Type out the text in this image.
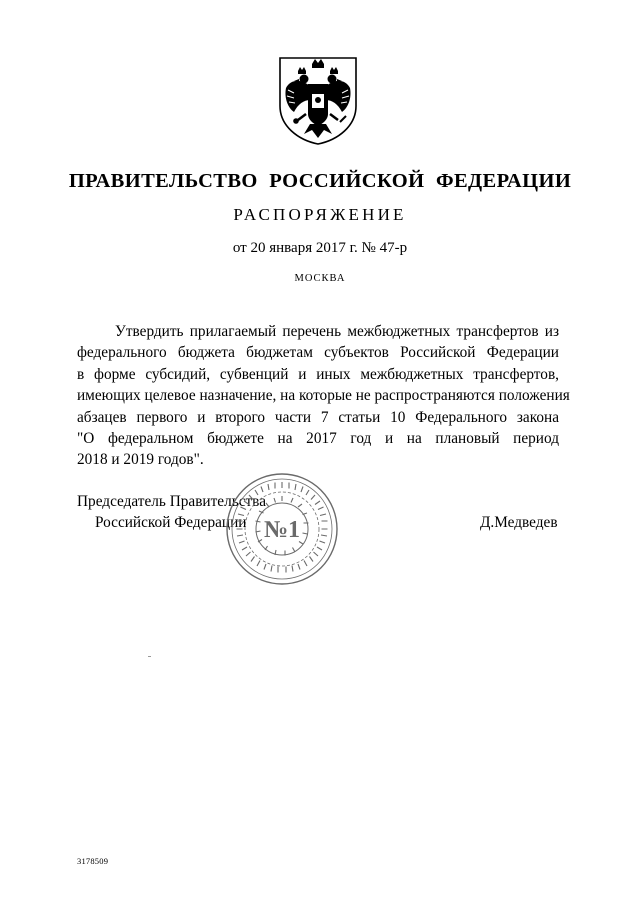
ПРАВИТЕЛЬСТВО РОССИЙСКОЙ ФЕДЕРАЦИИ
РАСПОРЯЖЕНИЕ
от 20 января 2017 г. № 47-р
МОСКВА
Утвердить прилагаемый перечень межбюджетных трансфертов из
федерального бюджета бюджетам субъектов Российской Федерации
в форме субсидий, субвенций и иных межбюджетных трансфертов,
имеющих целевое назначение, на которые не распространяются положения
абзацев первого и второго части 7 статьи 10 Федерального закона
"О федеральном бюджете на 2017 год и на плановый период
2018 и 2019 годов".
Председатель Правительства
Российской Федерации	Д.Медведев
№1
3178509
